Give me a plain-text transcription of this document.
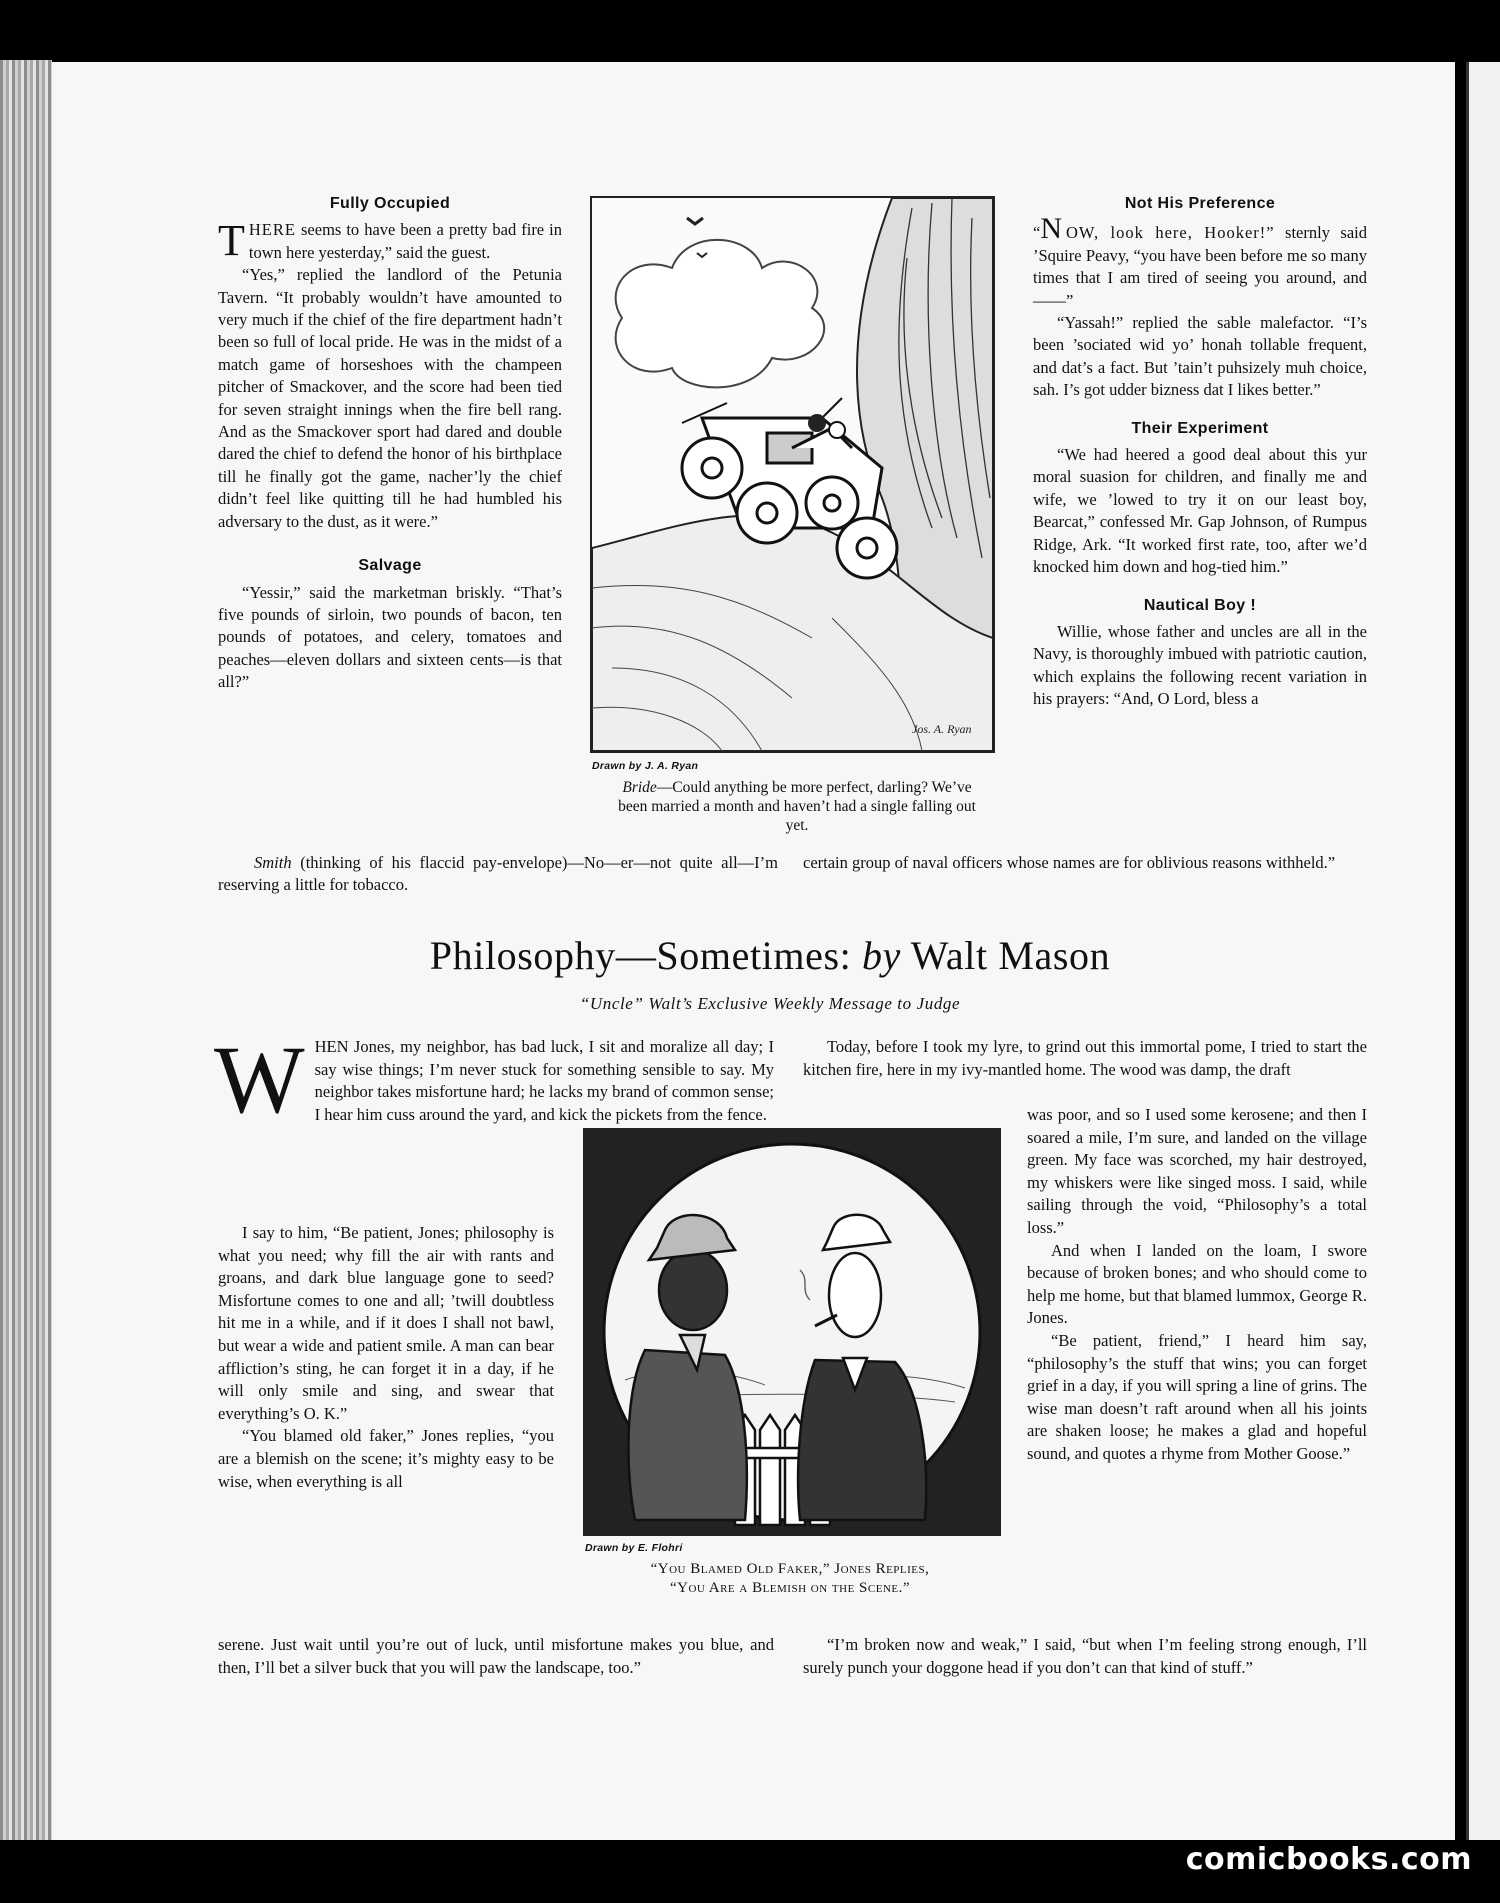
Fully Occupied

THERE seems to have been a pretty bad fire in town here yesterday,” said the guest.

“Yes,” replied the landlord of the Petunia Tavern. “It probably wouldn’t have amounted to very much if the chief of the fire department hadn’t been so full of local pride. He was in the midst of a match game of horseshoes with the champeen pitcher of Smackover, and the score had been tied for seven straight innings when the fire bell rang. And as the Smackover sport had dared and double dared the chief to defend the honor of his birthplace till he finally got the game, nacher’ly the chief didn’t feel like quitting till he had humbled his adversary to the dust, as it were.”

Salvage

“Yessir,” said the marketman briskly. “That’s five pounds of sirloin, two pounds of bacon, ten pounds of potatoes, and celery, tomatoes and peaches—eleven dollars and sixteen cents—is that all?”

Smith (thinking of his flaccid pay-envelope)—No—er—not quite all—I’m reserving a little for tobacco.

Jos. A. Ryan
Drawn by J. A. Ryan
Bride—Could anything be more perfect, darling? We’ve been married a month and haven’t had a single falling out yet.
Not His Preference

“N OW, look here, Hooker!” sternly said ’Squire Peavy, “you have been before me so many times that I am tired of seeing you around, and——”

“Yassah!” replied the sable malefactor. “I’s been ’sociated wid yo’ honah tollable frequent, and dat’s a fact. But ’tain’t puhsizely muh choice, sah. I’s got udder bizness dat I likes better.”

Their Experiment

“We had heered a good deal about this yur moral suasion for children, and finally me and wife, we ’lowed to try it on our least boy, Bearcat,” confessed Mr. Gap Johnson, of Rumpus Ridge, Ark. “It worked first rate, too, after we’d knocked him down and hog-tied him.”

Nautical Boy !

Willie, whose father and uncles are all in the Navy, is thoroughly imbued with patriotic caution, which explains the following recent variation in his prayers: “And, O Lord, bless a

certain group of naval officers whose names are for oblivious reasons withheld.”

Philosophy—Sometimes: by Walt Mason
“Uncle” Walt’s Exclusive Weekly Message to Judge

WHEN Jones, my neighbor, has bad luck, I sit and moralize all day; I say wise things; I’m never stuck for something sensible to say. My neighbor takes misfortune hard; he lacks my brand of common sense; I hear him cuss around the yard, and kick the pickets from the fence.

I say to him, “Be patient, Jones; philosophy is what you need; why fill the air with rants and groans, and dark blue language gone to seed? Misfortune comes to one and all; ’twill doubtless hit me in a while, and if it does I shall not bawl, but wear a wide and patient smile. A man can bear affliction’s sting, he can forget it in a day, if he will only smile and sing, and swear that everything’s O. K.”

“You blamed old faker,” Jones replies, “you are a blemish on the scene; it’s mighty easy to be wise, when everything is all

serene. Just wait until you’re out of luck, until misfortune makes you blue, and then, I’ll bet a silver buck that you will paw the landscape, too.”

Today, before I took my lyre, to grind out this immortal pome, I tried to start the kitchen fire, here in my ivy-mantled home. The wood was damp, the draft

was poor, and so I used some kerosene; and then I soared a mile, I’m sure, and landed on the village green. My face was scorched, my hair destroyed, my whiskers were like singed moss. I said, while sailing through the void, “Philosophy’s a total loss.”

And when I landed on the loam, I swore because of broken bones; and who should come to help me home, but that blamed lummox, George R. Jones.

“Be patient, friend,” I heard him say, “philosophy’s the stuff that wins; you can forget grief in a day, if you will spring a line of grins. The wise man doesn’t raft around when all his joints are shaken loose; he makes a glad and hopeful sound, and quotes a rhyme from Mother Goose.”

“I’m broken now and weak,” I said, “but when I’m feeling strong enough, I’ll surely punch your doggone head if you don’t can that kind of stuff.”

Drawn by E. Flohri
“You Blamed Old Faker,” Jones Replies,
“You Are a Blemish on the Scene.”
comicbooks.com
